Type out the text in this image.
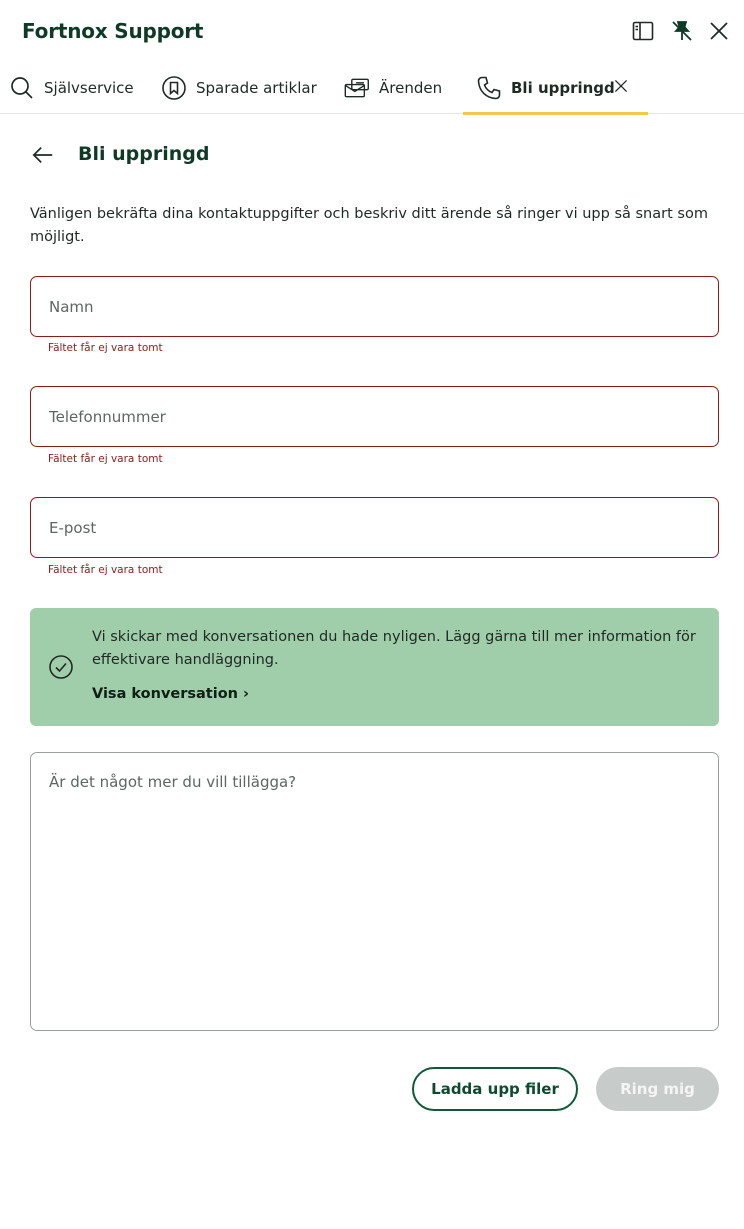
Fortnox Support
Självservice	Sparade artiklar	Ärenden	Bli uppringd
Bli uppringd

Vänligen bekräfta dina kontaktuppgifter och beskriv ditt ärende så ringer vi upp så snart som möjligt.

Namn
Fältet får ej vara tomt
Telefonnummer
Fältet får ej vara tomt
E-post
Fältet får ej vara tomt

Vi skickar med konversationen du hade nyligen. Lägg gärna till mer information för effektivare handläggning.

Visa konversation ›
Är det något mer du vill tillägga?
Ladda upp filer	Ring mig
